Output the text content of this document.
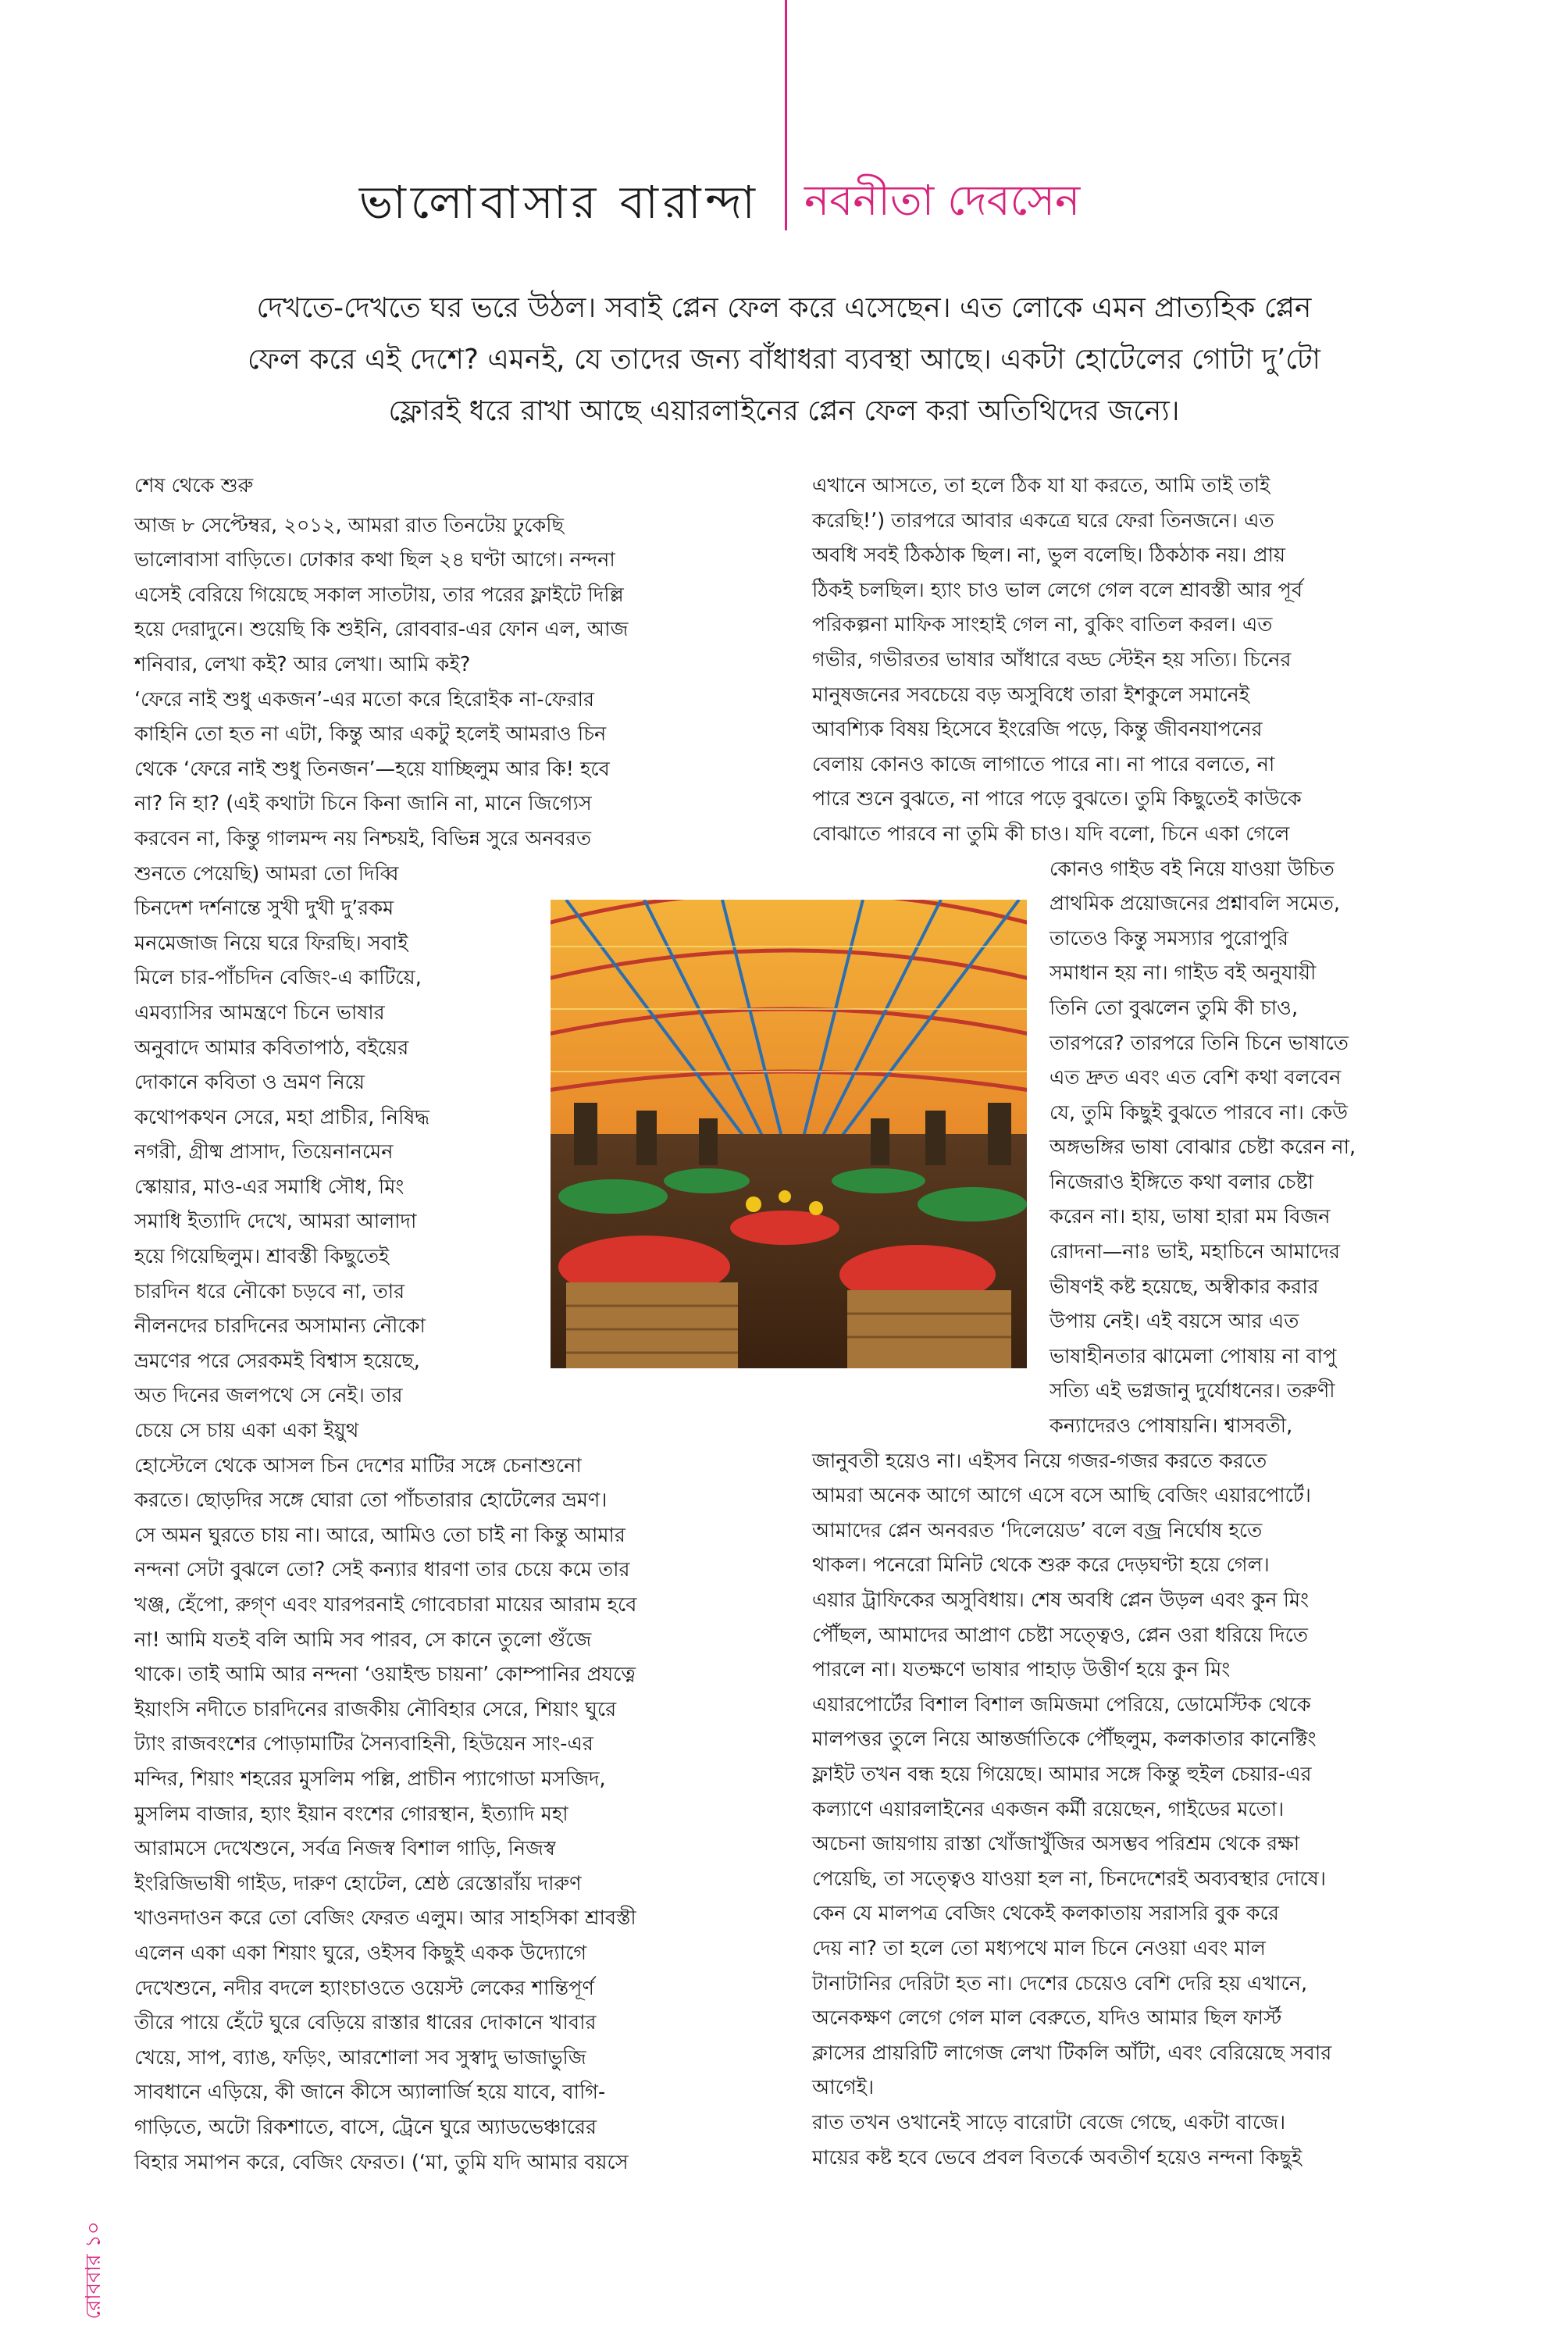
ভালোবাসার বারান্দা নবনীতা দেবসেন

দেখতে-দেখতে ঘর ভরে উঠল। সবাই প্লেন ফেল করে এসেছেন। এত লোকে এমন প্রাত্যহিক প্লেন

ফেল করে এই দেশে? এমনই, যে তাদের জন্য বাঁধাধরা ব্যবস্থা আছে। একটা হোটেলের গোটা দু’টো

ফ্লোরই ধরে রাখা আছে এয়ারলাইনের প্লেন ফেল করা অতিথিদের জন্যে।

শেষ থেকে শুরু

আজ ৮ সেপ্টেম্বর, ২০১২, আমরা রাত তিনটেয় ঢুকেছি

ভালোবাসা বাড়িতে। ঢোকার কথা ছিল ২৪ ঘণ্টা আগে। নন্দনা

এসেই বেরিয়ে গিয়েছে সকাল সাতটায়, তার পরের ফ্লাইটে দিল্লি

হয়ে দেরাদুনে। শুয়েছি কি শুইনি, রোববার-এর ফোন এল, আজ

শনিবার, লেখা কই? আর লেখা। আমি কই?

‘ফেরে নাই শুধু একজন’-এর মতো করে হিরোইক না-ফেরার

কাহিনি তো হত না এটা, কিন্তু আর একটু হলেই আমরাও চিন

থেকে ‘ফেরে নাই শুধু তিনজন’—হয়ে যাচ্ছিলুম আর কি! হবে

না? নি হা? (এই কথাটা চিনে কিনা জানি না, মানে জিগ্যেস

করবেন না, কিন্তু গালমন্দ নয় নিশ্চয়ই, বিভিন্ন সুরে অনবরত

শুনতে পেয়েছি) আমরা তো দিব্বি

চিনদেশ দর্শনান্তে সুখী দুখী দু’রকম

মনমেজাজ নিয়ে ঘরে ফিরছি। সবাই

মিলে চার-পাঁচদিন বেজিং-এ কাটিয়ে,

এমব্যাসির আমন্ত্রণে চিনে ভাষার

অনুবাদে আমার কবিতাপাঠ, বইয়ের

দোকানে কবিতা ও ভ্রমণ নিয়ে

কথোপকথন সেরে, মহা প্রাচীর, নিষিদ্ধ

নগরী, গ্রীষ্ম প্রাসাদ, তিয়েনানমেন

স্কোয়ার, মাও-এর সমাধি সৌধ, মিং

সমাধি ইত্যাদি দেখে, আমরা আলাদা

হয়ে গিয়েছিলুম। শ্রাবস্তী কিছুতেই

চারদিন ধরে নৌকো চড়বে না, তার

নীলনদের চারদিনের অসামান্য নৌকো

ভ্রমণের পরে সেরকমই বিশ্বাস হয়েছে,

অত দিনের জলপথে সে নেই। তার

চেয়ে সে চায় একা একা ইয়ুথ

হোস্টেলে থেকে আসল চিন দেশের মাটির সঙ্গে চেনাশুনো

করতে। ছোড়দির সঙ্গে ঘোরা তো পাঁচতারার হোটেলের ভ্রমণ।

সে অমন ঘুরতে চায় না। আরে, আমিও তো চাই না কিন্তু আমার

নন্দনা সেটা বুঝলে তো? সেই কন্যার ধারণা তার চেয়ে কমে তার

খঞ্জ, হেঁপো, রুগ্ণ এবং যারপরনাই গোবেচারা মায়ের আরাম হবে

না! আমি যতই বলি আমি সব পারব, সে কানে তুলো গুঁজে

থাকে। তাই আমি আর নন্দনা ‘ওয়াইল্ড চায়না’ কোম্পানির প্রযত্নে

ইয়াংসি নদীতে চারদিনের রাজকীয় নৌবিহার সেরে, শিয়াং ঘুরে

ট্যাং রাজবংশের পোড়ামাটির সৈন্যবাহিনী, হিউয়েন সাং-এর

মন্দির, শিয়াং শহরের মুসলিম পল্লি, প্রাচীন প্যাগোডা মসজিদ,

মুসলিম বাজার, হ্যাং ইয়ান বংশের গোরস্থান, ইত্যাদি মহা

আরামসে দেখেশুনে, সর্বত্র নিজস্ব বিশাল গাড়ি, নিজস্ব

ইংরিজিভাষী গাইড, দারুণ হোটেল, শ্রেষ্ঠ রেস্তোরাঁয় দারুণ

খাওনদাওন করে তো বেজিং ফেরত এলুম। আর সাহসিকা শ্রাবস্তী

এলেন একা একা শিয়াং ঘুরে, ওইসব কিছুই একক উদ্যোগে

দেখেশুনে, নদীর বদলে হ্যাংচাওতে ওয়েস্ট লেকের শান্তিপূর্ণ

তীরে পায়ে হেঁটে ঘুরে বেড়িয়ে রাস্তার ধারের দোকানে খাবার

খেয়ে, সাপ, ব্যাঙ, ফড়িং, আরশোলা সব সুস্বাদু ভাজাভুজি

সাবধানে এড়িয়ে, কী জানে কীসে অ্যালার্জি হয়ে যাবে, বাগি-

গাড়িতে, অটো রিকশাতে, বাসে, ট্রেনে ঘুরে অ্যাডভেঞ্চারের

বিহার সমাপন করে, বেজিং ফেরত। (‘মা, তুমি যদি আমার বয়সে

এখানে আসতে, তা হলে ঠিক যা যা করতে, আমি তাই তাই

করেছি!’) তারপরে আবার একত্রে ঘরে ফেরা তিনজনে। এত

অবধি সবই ঠিকঠাক ছিল। না, ভুল বলেছি। ঠিকঠাক নয়। প্রায়

ঠিকই চলছিল। হ্যাং চাও ভাল লেগে গেল বলে শ্রাবস্তী আর পূর্ব

পরিকল্পনা মাফিক সাংহাই গেল না, বুকিং বাতিল করল। এত

গভীর, গভীরতর ভাষার আঁধারে বড্ড স্টেইন হয় সত্যি। চিনের

মানুষজনের সবচেয়ে বড় অসুবিধে তারা ইশকুলে সমানেই

আবশ্যিক বিষয় হিসেবে ইংরেজি পড়ে, কিন্তু জীবনযাপনের

বেলায় কোনও কাজে লাগাতে পারে না। না পারে বলতে, না

পারে শুনে বুঝতে, না পারে পড়ে বুঝতে। তুমি কিছুতেই কাউকে

বোঝাতে পারবে না তুমি কী চাও। যদি বলো, চিনে একা গেলে

কোনও গাইড বই নিয়ে যাওয়া উচিত

প্রাথমিক প্রয়োজনের প্রশ্নাবলি সমেত,

তাতেও কিন্তু সমস্যার পুরোপুরি

সমাধান হয় না। গাইড বই অনুযায়ী

তিনি তো বুঝলেন তুমি কী চাও,

তারপরে? তারপরে তিনি চিনে ভাষাতে

এত দ্রুত এবং এত বেশি কথা বলবেন

যে, তুমি কিছুই বুঝতে পারবে না। কেউ

অঙ্গভঙ্গির ভাষা বোঝার চেষ্টা করেন না,

নিজেরাও ইঙ্গিতে কথা বলার চেষ্টা

করেন না। হায়, ভাষা হারা মম বিজন

রোদনা—নাঃ ভাই, মহাচিনে আমাদের

ভীষণই কষ্ট হয়েছে, অস্বীকার করার

উপায় নেই। এই বয়সে আর এত

ভাষাহীনতার ঝামেলা পোষায় না বাপু

সত্যি এই ভগ্নজানু দুর্যোধনের। তরুণী

কন্যাদেরও পোষায়নি। শ্বাসবতী,

জানুবতী হয়েও না। এইসব নিয়ে গজর-গজর করতে করতে

আমরা অনেক আগে আগে এসে বসে আছি বেজিং এয়ারপোর্টে।

আমাদের প্লেন অনবরত ‘দিলেয়েড’ বলে বজ্র নির্ঘোষ হতে

থাকল। পনেরো মিনিট থেকে শুরু করে দেড়ঘণ্টা হয়ে গেল।

এয়ার ট্রাফিকের অসুবিধায়। শেষ অবধি প্লেন উড়ল এবং কুন মিং

পৌঁছল, আমাদের আপ্রাণ চেষ্টা সত্ত্বেও, প্লেন ওরা ধরিয়ে দিতে

পারলে না। যতক্ষণে ভাষার পাহাড় উত্তীর্ণ হয়ে কুন মিং

এয়ারপোর্টের বিশাল বিশাল জমিজমা পেরিয়ে, ডোমেস্টিক থেকে

মালপত্তর তুলে নিয়ে আন্তর্জাতিকে পৌঁছলুম, কলকাতার কানেক্টিং

ফ্লাইট তখন বন্ধ হয়ে গিয়েছে। আমার সঙ্গে কিন্তু হুইল চেয়ার-এর

কল্যাণে এয়ারলাইনের একজন কর্মী রয়েছেন, গাইডের মতো।

অচেনা জায়গায় রাস্তা খোঁজাখুঁজির অসম্ভব পরিশ্রম থেকে রক্ষা

পেয়েছি, তা সত্ত্বেও যাওয়া হল না, চিনদেশেরই অব্যবস্থার দোষে।

কেন যে মালপত্র বেজিং থেকেই কলকাতায় সরাসরি বুক করে

দেয় না? তা হলে তো মধ্যপথে মাল চিনে নেওয়া এবং মাল

টানাটানির দেরিটা হত না। দেশের চেয়েও বেশি দেরি হয় এখানে,

অনেকক্ষণ লেগে গেল মাল বেরুতে, যদিও আমার ছিল ফার্স্ট

ক্লাসের প্রায়রিটি লাগেজ লেখা টিকলি আঁটা, এবং বেরিয়েছে সবার

আগেই।

রাত তখন ওখানেই সাড়ে বারোটা বেজে গেছে, একটা বাজে।

মায়ের কষ্ট হবে ভেবে প্রবল বিতর্কে অবতীর্ণ হয়েও নন্দনা কিছুই

রোববার ১০
